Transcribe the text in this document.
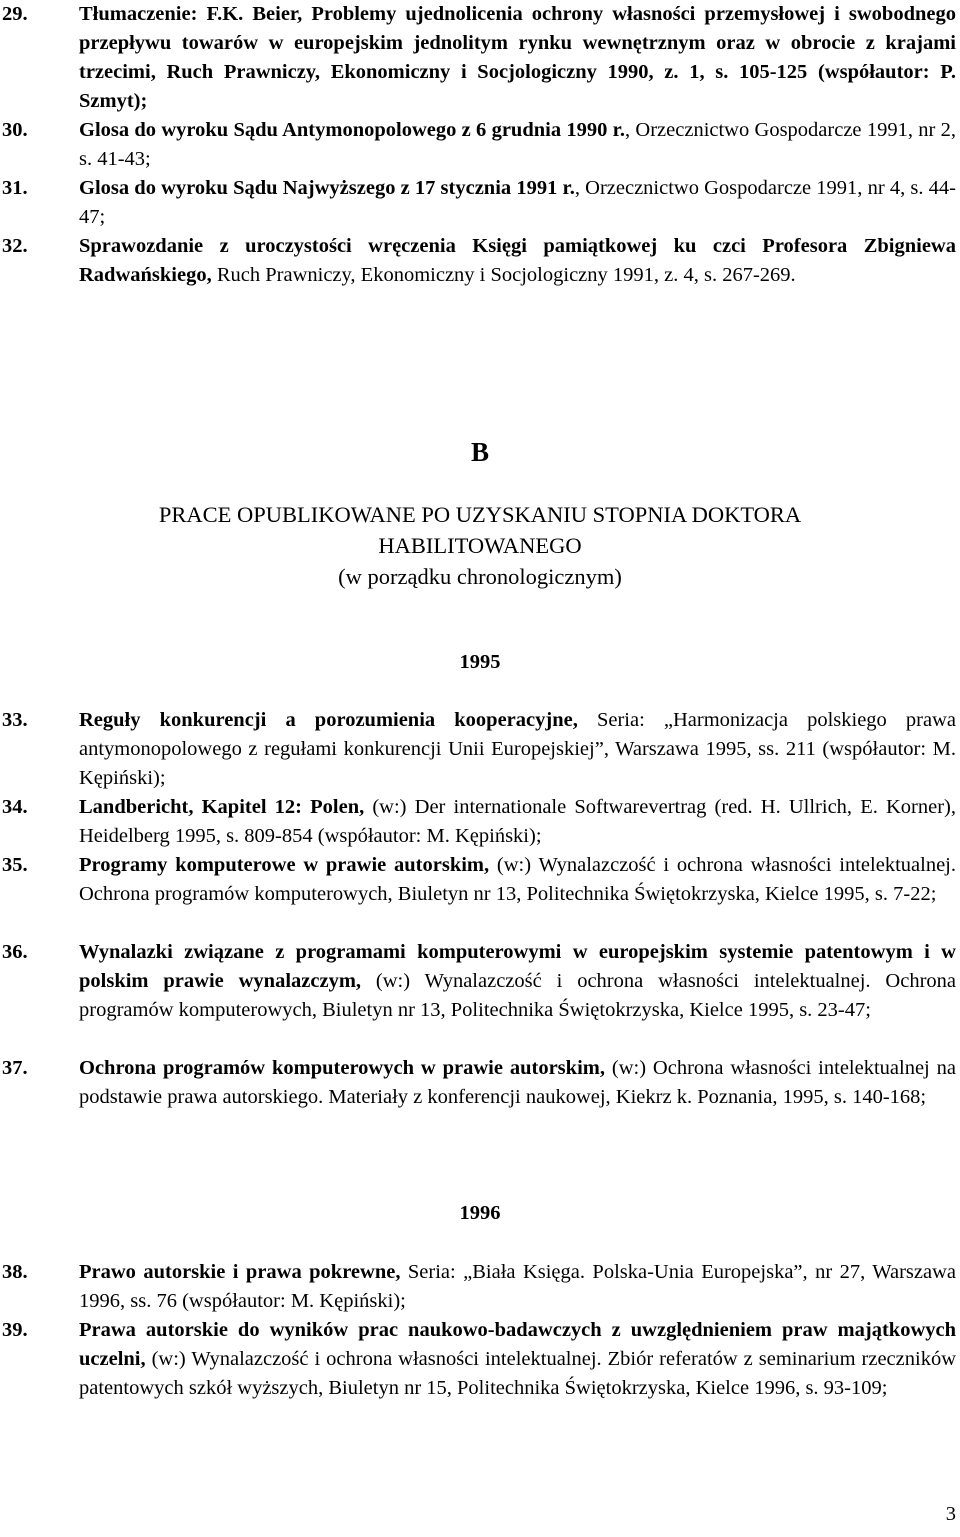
29.	Tłumaczenie: F.K. Beier, Problemy ujednolicenia ochrony własności przemysłowej i swobodnego przepływu towarów w europejskim jednolitym rynku wewnętrznym oraz w obrocie z krajami trzecimi, Ruch Prawniczy, Ekonomiczny i Socjologiczny 1990, z. 1, s. 105-125 (współautor: P. Szmyt);
30.	Glosa do wyroku Sądu Antymonopolowego z 6 grudnia 1990 r., Orzecznictwo Gospodarcze 1991, nr 2, s. 41-43;
31.	Glosa do wyroku Sądu Najwyższego z 17 stycznia 1991 r., Orzecznictwo Gospodarcze 1991, nr 4, s. 44-47;
32.	Sprawozdanie z uroczystości wręczenia Księgi pamiątkowej ku czci Profesora Zbigniewa Radwańskiego, Ruch Prawniczy, Ekonomiczny i Socjologiczny 1991, z. 4, s. 267-269.
B
PRACE OPUBLIKOWANE PO UZYSKANIU STOPNIA DOKTORA
HABILITOWANEGO
(w porządku chronologicznym)
1995
33.	Reguły konkurencji a porozumienia kooperacyjne, Seria: „Harmonizacja polskiego prawa antymonopolowego z regułami konkurencji Unii Europejskiej”, Warszawa 1995, ss. 211 (współautor: M. Kępiński);
34.	Landbericht, Kapitel 12: Polen, (w:) Der internationale Softwarevertrag (red. H. Ullrich, E. Korner), Heidelberg 1995, s. 809-854 (współautor: M. Kępiński);
35.	Programy komputerowe w prawie autorskim, (w:) Wynalazczość i ochrona własności intelektualnej. Ochrona programów komputerowych, Biuletyn nr 13, Politechnika Świętokrzyska, Kielce 1995, s. 7-22;
36.	Wynalazki związane z programami komputerowymi w europejskim systemie patentowym i w polskim prawie wynalazczym, (w:) Wynalazczość i ochrona własności intelektualnej. Ochrona programów komputerowych, Biuletyn nr 13, Politechnika Świętokrzyska, Kielce 1995, s. 23-47;
37.	Ochrona programów komputerowych w prawie autorskim, (w:) Ochrona własności intelektualnej na podstawie prawa autorskiego. Materiały z konferencji naukowej, Kiekrz k. Poznania, 1995, s. 140-168;
1996
38.	Prawo autorskie i prawa pokrewne, Seria: „Biała Księga. Polska-Unia Europejska”, nr 27, Warszawa 1996, ss. 76 (współautor: M. Kępiński);
39.	Prawa autorskie do wyników prac naukowo-badawczych z uwzględnieniem praw majątkowych uczelni, (w:) Wynalazczość i ochrona własności intelektualnej. Zbiór referatów z seminarium rzeczników patentowych szkół wyższych, Biuletyn nr 15, Politechnika Świętokrzyska, Kielce 1996, s. 93-109;
3
